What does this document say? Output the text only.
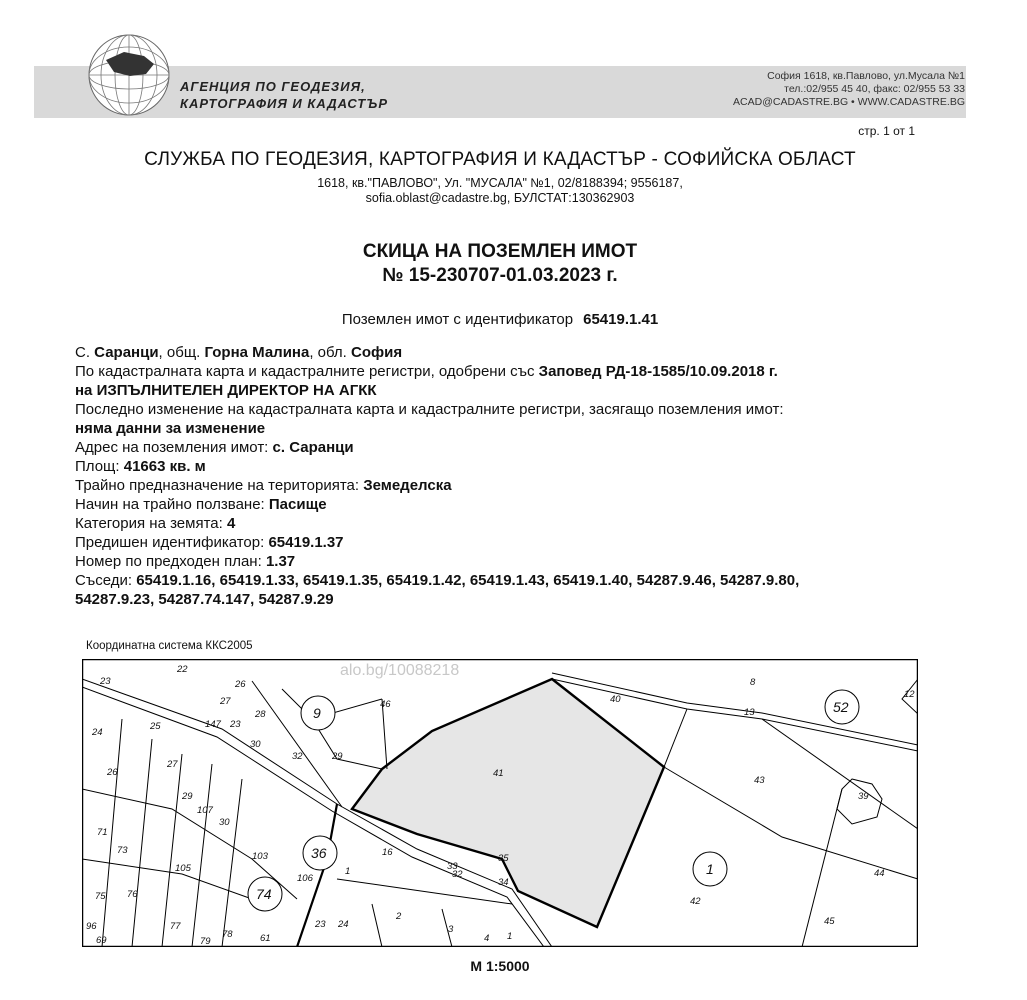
АГЕНЦИЯ ПО ГЕОДЕЗИЯ,
КАРТОГРАФИЯ И КАДАСТЪР
София 1618, кв.Павлово, ул.Мусала №1
тел.:02/955 45 40, факс: 02/955 53 33
ACAD@CADASTRE.BG • WWW.CADASTRE.BG
стр. 1 от 1
СЛУЖБА ПО ГЕОДЕЗИЯ, КАРТОГРАФИЯ И КАДАСТЪР - СОФИЙСКА ОБЛАСТ
1618, кв."ПАВЛОВО", Ул. "МУСАЛА" №1, 02/8188394; 9556187,
sofia.oblast@cadastre.bg, БУЛСТАТ:130362903
СКИЦА НА ПОЗЕМЛЕН ИМОТ
№ 15-230707-01.03.2023 г.
Поземлен имот с идентификатор 65419.1.41
С. Саранци, общ. Горна Малина, обл. София
По кадастралната карта и кадастралните регистри, одобрени със Заповед РД-18-1585/10.09.2018 г.
на ИЗПЪЛНИТЕЛЕН ДИРЕКТОР НА АГКК
Последно изменение на кадастралната карта и кадастралните регистри, засягащо поземления имот:
няма данни за изменение
Адрес на поземления имот: с. Саранци
Площ: 41663 кв. м
Трайно предназначение на територията: Земеделска
Начин на трайно ползване: Пасище
Категория на земята: 4
Предишен идентификатор: 65419.1.37
Номер по предходен план: 1.37
Съседи: 65419.1.16, 65419.1.33, 65419.1.35, 65419.1.42, 65419.1.43, 65419.1.40, 54287.9.46, 54287.9.80,
54287.9.23, 54287.74.147, 54287.9.29
Координатна система ККС2005
22
23	26
27
28
147 23
25
24
30
32	29
46
27
26
29
107
30
103
71
73
105
75 76
106
1
16
33
32
35
34
77
78
23 24
2
3
96
69	79	61
41
40
8
13
43
39
44
42
45
12
4 1
9
36
74
1
52
alo.bg/10088218
М 1:5000
